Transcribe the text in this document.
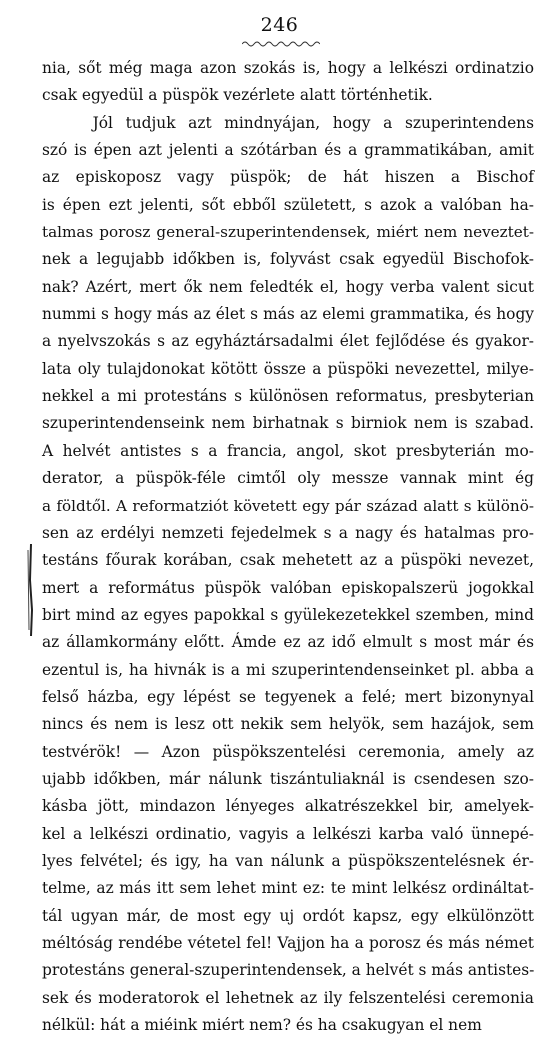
246
nia, sőt még maga azon szokás is, hogy a lelkészi ordinatzio
csak egyedül a püspök vezérlete alatt történhetik.
Jól tudjuk azt mindnyájan, hogy a szuperintendens
szó is épen azt jelenti a szótárban és a grammatikában, amit
az episkoposz vagy püspök; de hát hiszen a Bischof
is épen ezt jelenti, sőt ebből született, s azok a valóban ha-
talmas porosz general-szuperintendensek, miért nem neveztet-
nek a legujabb időkben is, folyvást csak egyedül Bischofok-
nak? Azért, mert ők nem feledték el, hogy verba valent sicut
nummi s hogy más az élet s más az elemi grammatika, és hogy
a nyelvszokás s az egyháztársadalmi élet fejlődése és gyakor-
lata oly tulajdonokat kötött össze a püspöki nevezettel, milye-
nekkel a mi protestáns s különösen reformatus, presbyterian
szuperintendenseink nem birhatnak s birniok nem is szabad.
A helvét antistes s a francia, angol, skot presbyterián mo-
derator, a püspök-féle cimtől oly messze vannak mint ég
a földtől. A reformatziót követett egy pár század alatt s különö-
sen az erdélyi nemzeti fejedelmek s a nagy és hatalmas pro-
testáns főurak korában, csak mehetett az a püspöki nevezet,
mert a református püspök valóban episkopalszerü jogokkal
birt mind az egyes papokkal s gyülekezetekkel szemben, mind
az államkormány előtt. Ámde ez az idő elmult s most már és
ezentul is, ha hivnák is a mi szuperintendenseinket pl. abba a
felső házba, egy lépést se tegyenek a felé; mert bizonynyal
nincs és nem is lesz ott nekik sem helyök, sem hazájok, sem
testvérök! — Azon püspökszentelési ceremonia, amely az
ujabb időkben, már nálunk tiszántuliaknál is csendesen szo-
kásba jött, mindazon lényeges alkatrészekkel bir, amelyek-
kel a lelkészi ordinatio, vagyis a lelkészi karba való ünnepé-
lyes felvétel; és igy, ha van nálunk a püspökszentelésnek ér-
telme, az más itt sem lehet mint ez: te mint lelkész ordináltat-
tál ugyan már, de most egy uj ordót kapsz, egy elkülönzött
méltóság rendébe vétetel fel! Vajjon ha a porosz és más német
protestáns general-szuperintendensek, a helvét s más antistes-
sek és moderatorok el lehetnek az ily felszentelési ceremonia
nélkül: hát a miéink miért nem? és ha csakugyan el nem
